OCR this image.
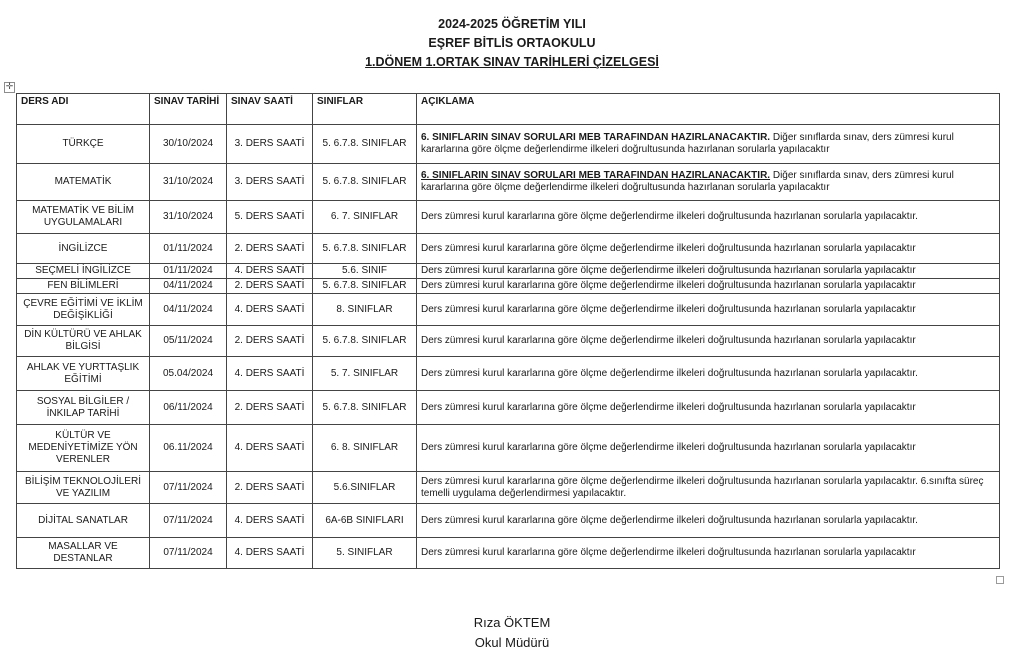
2024-2025 ÖĞRETİM YILI
EŞREF BİTLİS ORTAOKULU
1.DÖNEM 1.ORTAK SINAV TARİHLERİ ÇİZELGESİ
✛
DERS ADI	SINAV TARİHİ	SINAV SAATİ	SINIFLAR	AÇIKLAMA
TÜRKÇE	30/10/2024	3. DERS SAATİ	5. 6.7.8. SINIFLAR	6. SINIFLARIN SINAV SORULARI MEB TARAFINDAN HAZIRLANACAKTIR. Diğer sınıflarda sınav, ders zümresi kurul kararlarına göre ölçme değerlendirme ilkeleri doğrultusunda hazırlanan sorularla yapılacaktır
MATEMATİK	31/10/2024	3. DERS SAATİ	5. 6.7.8. SINIFLAR	6. SINIFLARIN SINAV SORULARI MEB TARAFINDAN HAZIRLANACAKTIR. Diğer sınıflarda sınav, ders zümresi kurul kararlarına göre ölçme değerlendirme ilkeleri doğrultusunda hazırlanan sorularla yapılacaktır
MATEMATİK VE BİLİM UYGULAMALARI	31/10/2024	5. DERS SAATİ	6. 7. SINIFLAR	Ders zümresi kurul kararlarına göre ölçme değerlendirme ilkeleri doğrultusunda hazırlanan sorularla yapılacaktır.
İNGİLİZCE	01/11/2024	2. DERS SAATİ	5. 6.7.8. SINIFLAR	Ders zümresi kurul kararlarına göre ölçme değerlendirme ilkeleri doğrultusunda hazırlanan sorularla yapılacaktır
SEÇMELİ İNGİLİZCE	01/11/2024	4. DERS SAATİ	5.6. SINIF	Ders zümresi kurul kararlarına göre ölçme değerlendirme ilkeleri doğrultusunda hazırlanan sorularla yapılacaktır
FEN BİLİMLERİ	04/11/2024	2. DERS SAATİ	5. 6.7.8. SINIFLAR	Ders zümresi kurul kararlarına göre ölçme değerlendirme ilkeleri doğrultusunda hazırlanan sorularla yapılacaktır
ÇEVRE EĞİTİMİ VE İKLİM DEĞİŞİKLİĞİ	04/11/2024	4. DERS SAATİ	8. SINIFLAR	Ders zümresi kurul kararlarına göre ölçme değerlendirme ilkeleri doğrultusunda hazırlanan sorularla yapılacaktır
DİN KÜLTÜRÜ VE AHLAK BİLGİSİ	05/11/2024	2. DERS SAATİ	5. 6.7.8. SINIFLAR	Ders zümresi kurul kararlarına göre ölçme değerlendirme ilkeleri doğrultusunda hazırlanan sorularla yapılacaktır
AHLAK VE YURTTAŞLIK EĞİTİMİ	05.04/2024	4. DERS SAATİ	5. 7. SINIFLAR	Ders zümresi kurul kararlarına göre ölçme değerlendirme ilkeleri doğrultusunda hazırlanan sorularla yapılacaktır.
SOSYAL BİLGİLER /İNKILAP TARİHİ	06/11/2024	2. DERS SAATİ	5. 6.7.8. SINIFLAR	Ders zümresi kurul kararlarına göre ölçme değerlendirme ilkeleri doğrultusunda hazırlanan sorularla yapılacaktır
KÜLTÜR VE MEDENİYETİMİZE YÖN VERENLER	06.11/2024	4. DERS SAATİ	6. 8. SINIFLAR	Ders zümresi kurul kararlarına göre ölçme değerlendirme ilkeleri doğrultusunda hazırlanan sorularla yapılacaktır
BİLİŞİM TEKNOLOJİLERİ VE YAZILIM	07/11/2024	2. DERS SAATİ	5.6.SINIFLAR	Ders zümresi kurul kararlarına göre ölçme değerlendirme ilkeleri doğrultusunda hazırlanan sorularla yapılacaktır. 6.sınıfta süreç temelli uygulama değerlendirmesi yapılacaktır.
DİJİTAL SANATLAR	07/11/2024	4. DERS SAATİ	6A-6B SINIFLARI	Ders zümresi kurul kararlarına göre ölçme değerlendirme ilkeleri doğrultusunda hazırlanan sorularla yapılacaktır.
MASALLAR VE DESTANLAR	07/11/2024	4. DERS SAATİ	5. SINIFLAR	Ders zümresi kurul kararlarına göre ölçme değerlendirme ilkeleri doğrultusunda hazırlanan sorularla yapılacaktır
Rıza ÖKTEM
Okul Müdürü
